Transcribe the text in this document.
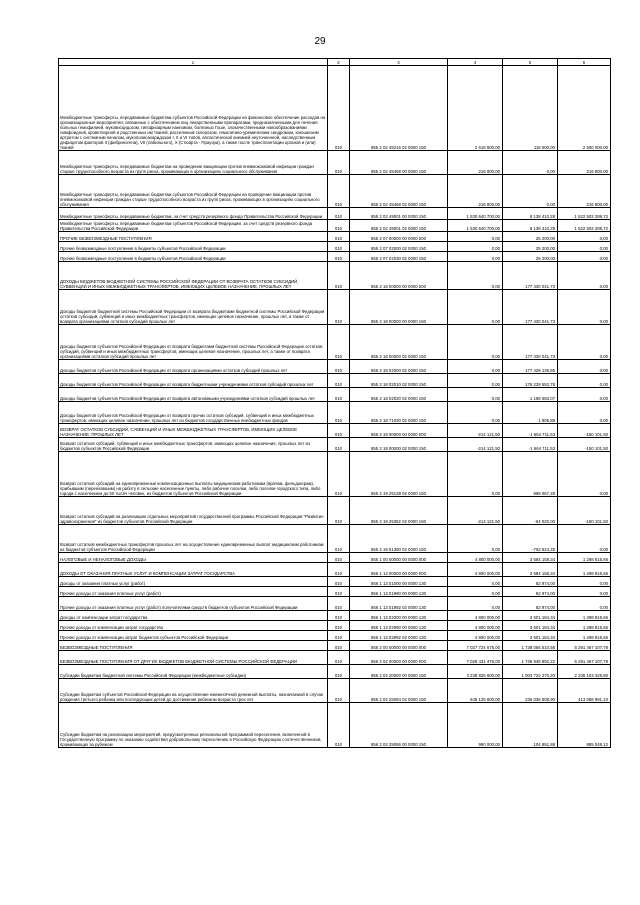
29
1	2	3	4	5	6
Межбюджетные трансферты, передаваемые бюджетам субъектов Российской Федерации на финансовое обеспечение расходов на организационные мероприятия, связанные с обеспечением лиц лекарственными препаратами, предназначенными для лечения больных гемофилией, муковисцидозом, гипофизарным нанизмом, болезнью Гоше, злокачественными новообразованиями лимфоидной, кроветворной и родственных им тканей, рассеянным склерозом, гемолитико-уремическим синдромом, юношеским артритом с системным началом, мукополисахаридозом I, II и VI типов, апластической анемией неуточненной, наследственным дефицитом факторов II (фибриногена), VII (лабильного), X (Стюарта - Прауэра), а также после трансплантации органов и (или) тканей	010	855 2 02 45216 02 0000 150	2 618 500,00	118 500,00	2 500 000,00
Межбюджетные трансферты, передаваемые бюджетам на проведение вакцинации против пневмококковой инфекции граждан старше трудоспособного возраста из групп риска, проживающих в организациях социального обслуживания	010	855 2 02 45468 00 0000 150	216 800,00	0,00	216 800,00
Межбюджетные трансферты, передаваемые бюджетам субъектов Российской Федерации на проведение вакцинации против пневмококковой инфекции граждан старше трудоспособного возраста из групп риска, проживающих в организациях социального обслуживания	010	855 2 02 45468 02 0000 150	216 800,00	0,00	216 800,00
Межбюджетные трансферты, передаваемые бюджетам, за счет средств резервного фонда Правительства Российской Федерации	010	855 2 02 49001 00 0000 150	1 530 640 700,00	8 138 410,28	1 522 502 289,72
Межбюджетные трансферты, передаваемые бюджетам субъектов Российской Федерации, за счет средств резервного фонда Правительства Российской Федерации	010	855 2 02 49001 02 0000 150	1 530 640 700,00	8 138 410,28	1 522 502 289,72
ПРОЧИЕ БЕЗВОЗМЕЗДНЫЕ ПОСТУПЛЕНИЯ	010	855 2 07 00000 00 0000 000	0,00	25 200,00	0,00
Прочие безвозмездные поступления в бюджеты субъектов Российской Федерации	010	855 2 07 02000 02 0000 150	0,00	25 200,00	0,00
Прочие безвозмездные поступления в бюджеты субъектов Российской Федерации	010	855 2 07 02030 02 0000 150	0,00	25 200,00	0,00
ДОХОДЫ БЮДЖЕТОВ БЮДЖЕТНОЙ СИСТЕМЫ РОССИЙСКОЙ ФЕДЕРАЦИИ ОТ ВОЗВРАТА ОСТАТКОВ СУБСИДИЙ, СУБВЕНЦИЙ И ИНЫХ МЕЖБЮДЖЕТНЫХ ТРАНСФЕРТОВ, ИМЕЮЩИХ ЦЕЛЕВОЕ НАЗНАЧЕНИЕ, ПРОШЛЫХ ЛЕТ	010	855 2 18 00000 00 0000 000	0,00	177 430 041,73	0,00
Доходы бюджетов бюджетной системы Российской Федерации от возврата бюджетами бюджетной системы Российской Федерации остатков субсидий, субвенций и иных межбюджетных трансфертов, имеющих целевое назначение, прошлых лет, а также от возврата организациями остатков субсидий прошлых лет	010	855 2 18 00000 00 0000 150	0,00	177 430 041,73	0,00
Доходы бюджетов субъектов Российской Федерации от возврата бюджетами бюджетной системы Российской Федерации остатков субсидий, субвенций и иных межбюджетных трансфертов, имеющих целевое назначение, прошлых лет, а также от возврата организациями остатков субсидий прошлых лет	010	855 2 18 00000 02 0000 150	0,00	177 430 041,73	0,00
Доходы бюджетов субъектов Российской Федерации от возврата организациями остатков субсидий прошлых лет	010	855 2 18 02000 02 0000 150	0,00	177 428 135,85	0,00
Доходы бюджетов субъектов Российской Федерации от возврата бюджетными учреждениями остатков субсидий прошлых лет	010	855 2 18 02010 02 0000 150	0,00	176 229 552,78	0,00
Доходы бюджетов субъектов Российской Федерации от возврата автономными учреждениями остатков субсидий прошлых лет	010	855 2 18 02020 02 0000 150	0,00	1 198 583,07	0,00
Доходы бюджетов субъектов Российской Федерации от возврата прочих остатков субсидий, субвенций и иных межбюджетных трансфертов, имеющих целевое назначение, прошлых лет из бюджетов государственных внебюджетных фондов	010	855 2 18 71030 02 0000 150	0,00	1 905,88	0,00
ВОЗВРАТ ОСТАТКОВ СУБСИДИЙ, СУБВЕНЦИЙ И ИНЫХ МЕЖБЮДЖЕТНЫХ ТРАНСФЕРТОВ, ИМЕЮЩИХ ЦЕЛЕВОЕ НАЗНАЧЕНИЕ, ПРОШЛЫХ ЛЕТ	010	855 2 19 00000 00 0000 000	-214 121,50	-1 664 711,53	-150 101,50
Возврат остатков субсидий, субвенций и иных межбюджетных трансфертов, имеющих целевое назначение, прошлых лет из бюджетов субъектов Российской Федерации	010	855 2 19 00000 02 0000 150	-214 121,50	-1 664 711,53	-150 101,50
Возврат остатков субсидий на единовременные компенсационные выплаты медицинским работникам (врачам, фельдшерам), прибывшим (переехавшим) на работу в сельские населенные пункты, либо рабочие поселки, либо поселки городского типа, либо города с населением до 50 тысяч человек, из бюджетов субъектов Российской Федерации	010	855 2 19 25138 02 0000 150	0,00	898 067,28	0,00
Возврат остатков субсидий на реализацию отдельных мероприятий государственной программы Российской Федерации "Развитие здравоохранения" из бюджетов субъектов Российской Федерации	010	855 2 19 25382 02 0000 150	-214 121,50	-64 020,00	-150 101,50
Возврат остатков межбюджетных трансфертов прошлых лет на осуществление единовременных выплат медицинским работникам из бюджетов субъектов Российской Федерации	010	855 2 19 51360 02 0000 150	0,00	-702 624,25	0,00
НАЛОГОВЫЕ И НЕНАЛОГОВЫЕ ДОХОДЫ	010	856 1 00 00000 00 0000 000	4 800 000,00	3 584 158,34	1 298 815,66
ДОХОДЫ ОТ ОКАЗАНИЯ ПЛАТНЫХ УСЛУГ И КОМПЕНСАЦИИ ЗАТРАТ ГОСУДАРСТВА	010	856 1 13 00000 00 0000 000	4 800 000,00	3 584 158,34	1 298 815,66
Доходы от оказания платных услуг (работ)	010	856 1 13 01000 00 0000 130	0,00	82 974,00	0,00
Прочие доходы от оказания платных услуг (работ)	010	856 1 13 01990 00 0000 130	0,00	82 974,00	0,00
Прочие доходы от оказания платных услуг (работ) получателями средств бюджетов субъектов Российской Федерации	010	856 1 13 01992 02 0000 130	0,00	82 974,00	0,00
Доходы от компенсации затрат государства	010	856 1 13 02000 00 0000 130	4 800 000,00	3 501 184,34	1 298 815,66
Прочие доходы от компенсации затрат государства	010	856 1 13 02990 00 0000 130	4 800 000,00	3 501 184,34	1 298 815,66
Прочие доходы от компенсации затрат бюджетов субъектов Российской Федерации	010	856 1 13 02992 02 0000 130	4 800 000,00	3 501 184,34	1 298 815,66
БЕЗВОЗМЕЗДНЫЕ ПОСТУПЛЕНИЯ	010	856 2 00 00000 00 0000 000	7 027 724 675,00	1 738 056 510,58	5 291 467 107,78
БЕЗВОЗМЕЗДНЫЕ ПОСТУПЛЕНИЯ ОТ ДРУГИХ БЮДЖЕТОВ БЮДЖЕТНОЙ СИСТЕМЫ РОССИЙСКОЙ ФЕДЕРАЦИИ	010	856 2 02 00000 00 0000 000	7 028 431 475,00	1 736 948 892,22	5 291 467 107,78
Субсидии бюджетам бюджетной системы Российской Федерации (межбюджетные субсидии)	010	856 2 02 20000 00 0000 150	3 238 825 600,00	1 003 722 270,20	2 235 103 329,80
Субсидии бюджетам субъектов Российской Федерации на осуществление ежемесячной денежной выплаты, назначаемой в случае рождения третьего ребенка или последующих детей до достижения ребенком возраста трех лет	010	856 2 02 25084 02 0000 150	649 125 600,00	236 036 608,90	413 088 991,10
Субсидии бюджетам на реализацию мероприятий, предусмотренных региональной программой переселения, включенной в Государственную программу по оказанию содействия добровольному переселению в Российскую Федерацию соотечественников, проживающих за рубежом	010	856 2 02 25086 00 0000 150	990 000,00	104 951,88	885 048,12
